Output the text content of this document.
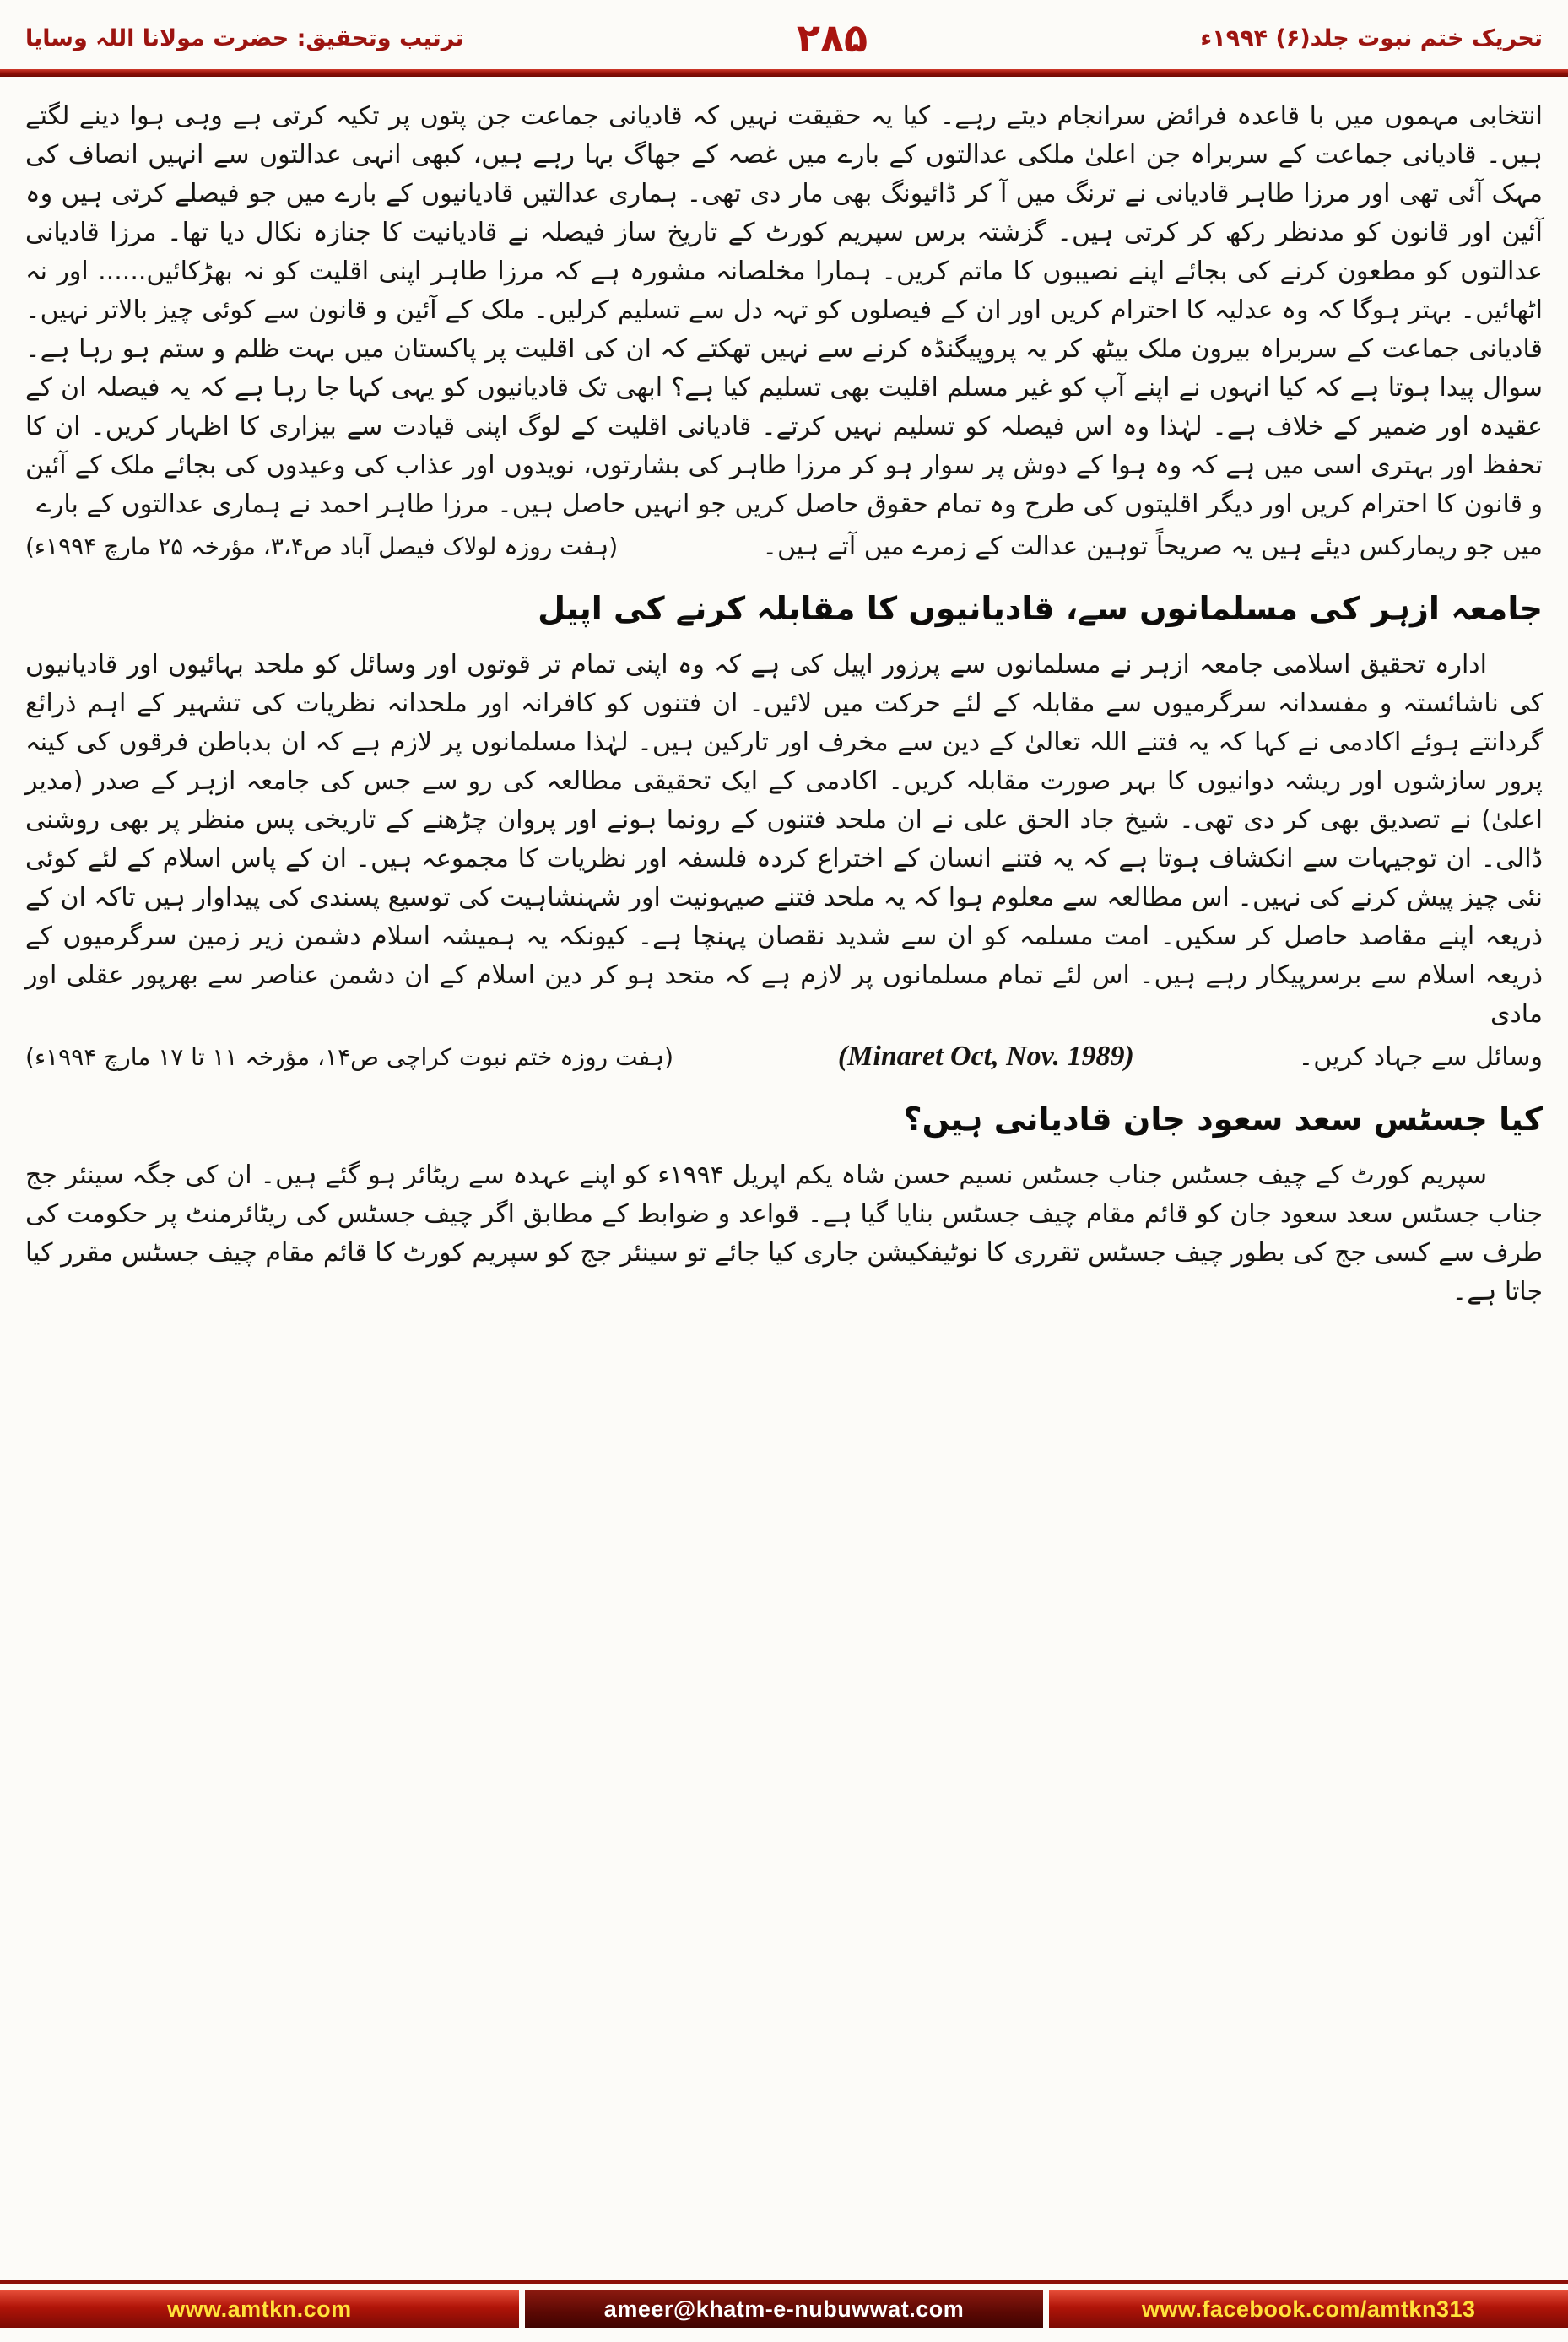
تحریک ختم نبوت جلد(۶) ۱۹۹۴ء
۲۸۵
ترتیب وتحقیق: حضرت مولانا اللہ وسایا

انتخابی مہموں میں با قاعدہ فرائض سرانجام دیتے رہے۔ کیا یہ حقیقت نہیں کہ قادیانی جماعت جن پتوں پر تکیہ کرتی ہے وہی ہوا دینے لگتے ہیں۔ قادیانی جماعت کے سربراہ جن اعلیٰ ملکی عدالتوں کے بارے میں غصہ کے جھاگ بہا رہے ہیں، کبھی انہی عدالتوں سے انہیں انصاف کی مہک آئی تھی اور مرزا طاہر قادیانی نے ترنگ میں آ کر ڈائیونگ بھی مار دی تھی۔ ہماری عدالتیں قادیانیوں کے بارے میں جو فیصلے کرتی ہیں وہ آئین اور قانون کو مدنظر رکھ کر کرتی ہیں۔ گزشتہ برس سپریم کورٹ کے تاریخ ساز فیصلہ نے قادیانیت کا جنازہ نکال دیا تھا۔ مرزا قادیانی عدالتوں کو مطعون کرنے کی بجائے اپنے نصیبوں کا ماتم کریں۔ ہمارا مخلصانہ مشورہ ہے کہ مرزا طاہر اپنی اقلیت کو نہ بھڑکائیں...... اور نہ اٹھائیں۔ بہتر ہوگا کہ وہ عدلیہ کا احترام کریں اور ان کے فیصلوں کو تہہ دل سے تسلیم کرلیں۔ ملک کے آئین و قانون سے کوئی چیز بالاتر نہیں۔ قادیانی جماعت کے سربراہ بیرون ملک بیٹھ کر یہ پروپیگنڈہ کرنے سے نہیں تھکتے کہ ان کی اقلیت پر پاکستان میں بہت ظلم و ستم ہو رہا ہے۔ سوال پیدا ہوتا ہے کہ کیا انہوں نے اپنے آپ کو غیر مسلم اقلیت بھی تسلیم کیا ہے؟ ابھی تک قادیانیوں کو یہی کہا جا رہا ہے کہ یہ فیصلہ ان کے عقیدہ اور ضمیر کے خلاف ہے۔ لہٰذا وہ اس فیصلہ کو تسلیم نہیں کرتے۔ قادیانی اقلیت کے لوگ اپنی قیادت سے بیزاری کا اظہار کریں۔ ان کا تحفظ اور بہتری اسی میں ہے کہ وہ ہوا کے دوش پر سوار ہو کر مرزا طاہر کی بشارتوں، نویدوں اور عذاب کی وعیدوں کی بجائے ملک کے آئین و قانون کا احترام کریں اور دیگر اقلیتوں کی طرح وہ تمام حقوق حاصل کریں جو انہیں حاصل ہیں۔ مرزا طاہر احمد نے ہماری عدالتوں کے بارے

میں جو ریمارکس دیئے ہیں یہ صریحاً توہین عدالت کے زمرے میں آتے ہیں۔
(ہفت روزہ لولاک فیصل آباد ص۳،۴، مؤرخہ ۲۵ مارچ ۱۹۹۴ء)
جامعہ ازہر کی مسلمانوں سے، قادیانیوں کا مقابلہ کرنے کی اپیل

ادارہ تحقیق اسلامی جامعہ ازہر نے مسلمانوں سے پرزور اپیل کی ہے کہ وہ اپنی تمام تر قوتوں اور وسائل کو ملحد بہائیوں اور قادیانیوں کی ناشائستہ و مفسدانہ سرگرمیوں سے مقابلہ کے لئے حرکت میں لائیں۔ ان فتنوں کو کافرانہ اور ملحدانہ نظریات کی تشہیر کے اہم ذرائع گردانتے ہوئے اکادمی نے کہا کہ یہ فتنے اللہ تعالیٰ کے دین سے مخرف اور تارکین ہیں۔ لہٰذا مسلمانوں پر لازم ہے کہ ان بدباطن فرقوں کی کینہ پرور سازشوں اور ریشہ دوانیوں کا بہر صورت مقابلہ کریں۔ اکادمی کے ایک تحقیقی مطالعہ کی رو سے جس کی جامعہ ازہر کے صدر (مدیر اعلیٰ) نے تصدیق بھی کر دی تھی۔ شیخ جاد الحق علی نے ان ملحد فتنوں کے رونما ہونے اور پروان چڑھنے کے تاریخی پس منظر پر بھی روشنی ڈالی۔ ان توجیہات سے انکشاف ہوتا ہے کہ یہ فتنے انسان کے اختراع کردہ فلسفہ اور نظریات کا مجموعہ ہیں۔ ان کے پاس اسلام کے لئے کوئی نئی چیز پیش کرنے کی نہیں۔ اس مطالعہ سے معلوم ہوا کہ یہ ملحد فتنے صیہونیت اور شہنشاہیت کی توسیع پسندی کی پیداوار ہیں تاکہ ان کے ذریعہ اپنے مقاصد حاصل کر سکیں۔ امت مسلمہ کو ان سے شدید نقصان پہنچا ہے۔ کیونکہ یہ ہمیشہ اسلام دشمن زیر زمین سرگرمیوں کے ذریعہ اسلام سے برسرپیکار رہے ہیں۔ اس لئے تمام مسلمانوں پر لازم ہے کہ متحد ہو کر دین اسلام کے ان دشمن عناصر سے بھرپور عقلی اور مادی

وسائل سے جہاد کریں۔
(Minaret Oct, Nov. 1989)
(ہفت روزہ ختم نبوت کراچی ص۱۴، مؤرخہ ۱۱ تا ۱۷ مارچ ۱۹۹۴ء)
کیا جسٹس سعد سعود جان قادیانی ہیں؟

سپریم کورٹ کے چیف جسٹس جناب جسٹس نسیم حسن شاہ یکم اپریل ۱۹۹۴ء کو اپنے عہدہ سے ریٹائر ہو گئے ہیں۔ ان کی جگہ سینئر جج جناب جسٹس سعد سعود جان کو قائم مقام چیف جسٹس بنایا گیا ہے۔ قواعد و ضوابط کے مطابق اگر چیف جسٹس کی ریٹائرمنٹ پر حکومت کی طرف سے کسی جج کی بطور چیف جسٹس تقرری کا نوٹیفکیشن جاری کیا جائے تو سینئر جج کو سپریم کورٹ کا قائم مقام چیف جسٹس مقرر کیا جاتا ہے۔

www.amtkn.com	ameer@khatm-e-nubuwwat.com	www.facebook.com/amtkn313
